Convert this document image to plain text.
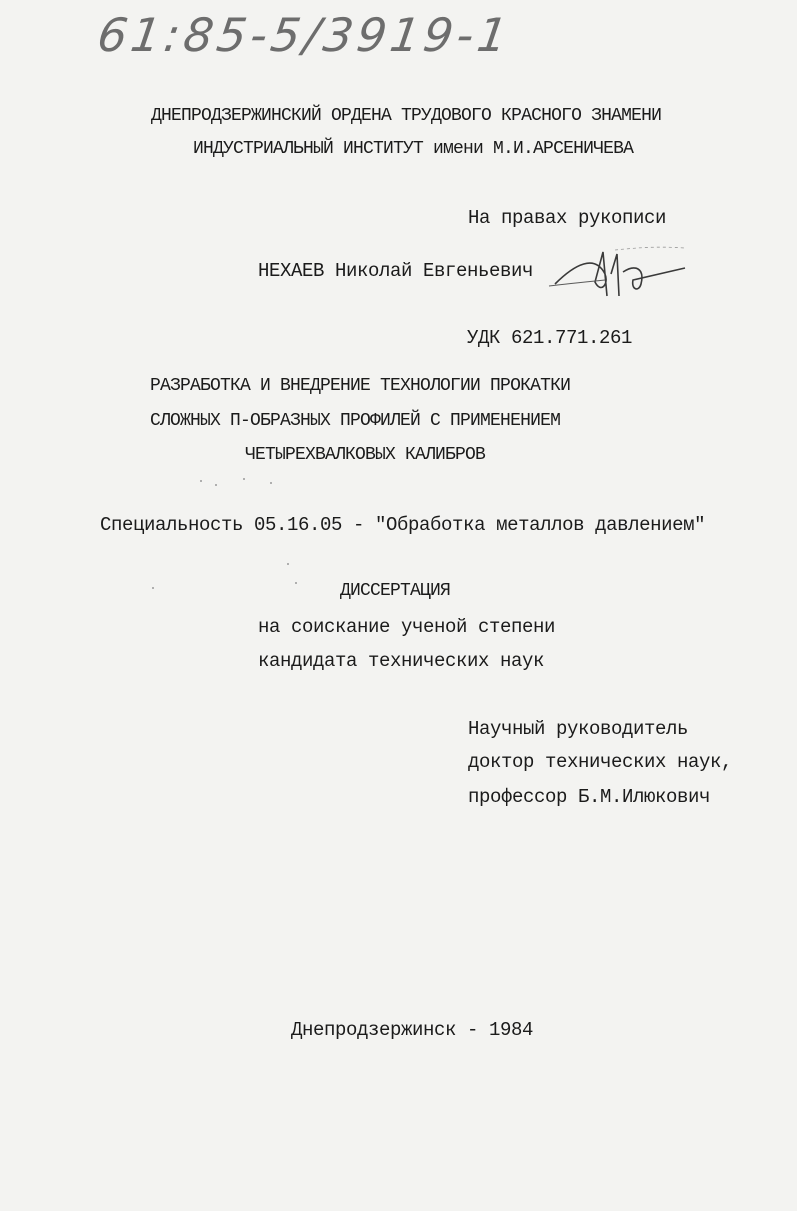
61:85-5/3919-1
ДНЕПРОДЗЕРЖИНСКИЙ ОРДЕНА ТРУДОВОГО КРАСНОГО ЗНАМЕНИ
ИНДУСТРИАЛЬНЫЙ ИНСТИТУТ имени М.И.АРСЕНИЧЕВА
На правах рукописи
НЕХАЕВ Николай Евгеньевич
УДК 621.771.261
РАЗРАБОТКА И ВНЕДРЕНИЕ ТЕХНОЛОГИИ ПРОКАТКИ
СЛОЖНЫХ П-ОБРАЗНЫХ ПРОФИЛЕЙ С ПРИМЕНЕНИЕМ
ЧЕТЫРЕХВАЛКОВЫХ КАЛИБРОВ
Специальность 05.16.05 - "Обработка металлов давлением"
ДИССЕРТАЦИЯ
на соискание ученой степени
кандидата технических наук
Научный руководитель
доктор технических наук,
профессор Б.М.Илюкович
Днепродзержинск - 1984
